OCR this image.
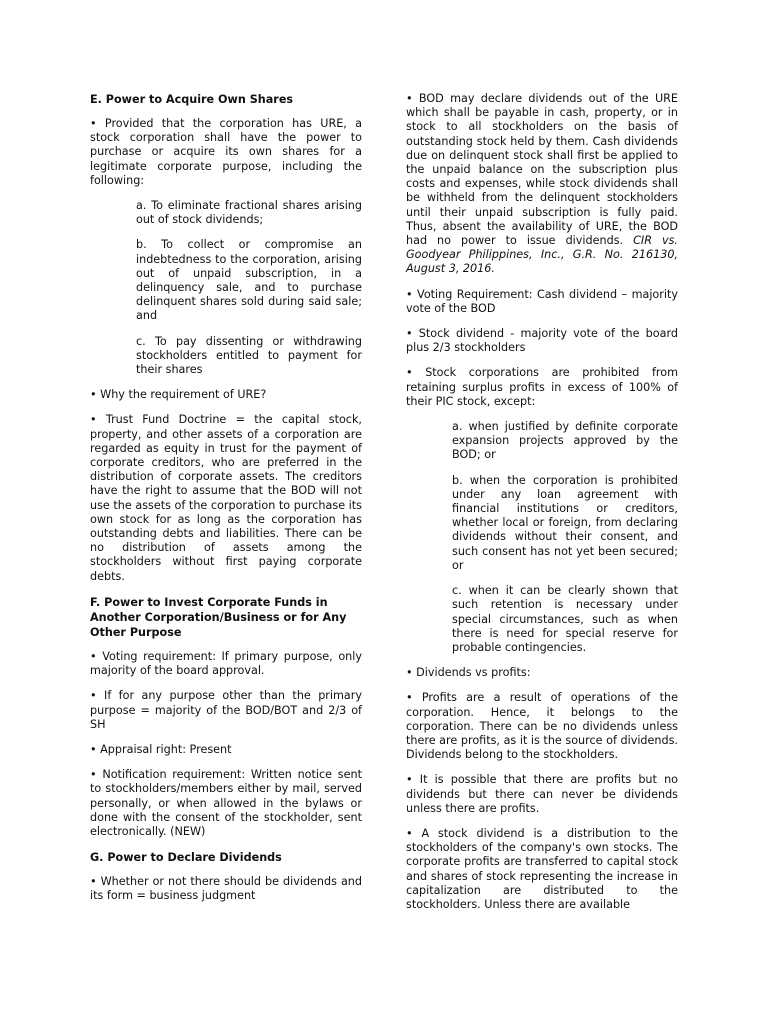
E. Power to Acquire Own Shares

• Provided that the corporation has URE, a stock corporation shall have the power to purchase or acquire its own shares for a legitimate corporate purpose, including the following:

a. To eliminate fractional shares arising out of stock dividends;

b. To collect or compromise an indebtedness to the corporation, arising out of unpaid subscription, in a delinquency sale, and to purchase delinquent shares sold during said sale; and

c. To pay dissenting or withdrawing stockholders entitled to payment for their shares

• Why the requirement of URE?

• Trust Fund Doctrine = the capital stock, property, and other assets of a corporation are regarded as equity in trust for the payment of corporate creditors, who are preferred in the distribution of corporate assets. The creditors have the right to assume that the BOD will not use the assets of the corporation to purchase its own stock for as long as the corporation has outstanding debts and liabilities. There can be no distribution of assets among the stockholders without first paying corporate debts.

F. Power to Invest Corporate Funds in Another Corporation/Business or for Any Other Purpose

• Voting requirement: If primary purpose, only majority of the board approval.

• If for any purpose other than the primary purpose = majority of the BOD/BOT and 2/3 of SH

• Appraisal right: Present

• Notification requirement: Written notice sent to stockholders/members either by mail, served personally, or when allowed in the bylaws or done with the consent of the stockholder, sent electronically. (NEW)

G. Power to Declare Dividends

• Whether or not there should be dividends and its form = business judgment

• BOD may declare dividends out of the URE which shall be payable in cash, property, or in stock to all stockholders on the basis of outstanding stock held by them. Cash dividends due on delinquent stock shall first be applied to the unpaid balance on the subscription plus costs and expenses, while stock dividends shall be withheld from the delinquent stockholders until their unpaid subscription is fully paid. Thus, absent the availability of URE, the BOD had no power to issue dividends. CIR vs. Goodyear Philippines, Inc., G.R. No. 216130, August 3, 2016.

• Voting Requirement: Cash dividend – majority vote of the BOD

• Stock dividend - majority vote of the board plus 2/3 stockholders

• Stock corporations are prohibited from retaining surplus profits in excess of 100% of their PIC stock, except:

a. when justified by definite corporate expansion projects approved by the BOD; or

b. when the corporation is prohibited under any loan agreement with financial institutions or creditors, whether local or foreign, from declaring dividends without their consent, and such consent has not yet been secured; or

c. when it can be clearly shown that such retention is necessary under special circumstances, such as when there is need for special reserve for probable contingencies.

• Dividends vs profits:

• Profits are a result of operations of the corporation. Hence, it belongs to the corporation. There can be no dividends unless there are profits, as it is the source of dividends. Dividends belong to the stockholders.

• It is possible that there are profits but no dividends but there can never be dividends unless there are profits.

• A stock dividend is a distribution to the stockholders of the company's own stocks. The corporate profits are transferred to capital stock and shares of stock representing the increase in capitalization are distributed to the stockholders. Unless there are available
